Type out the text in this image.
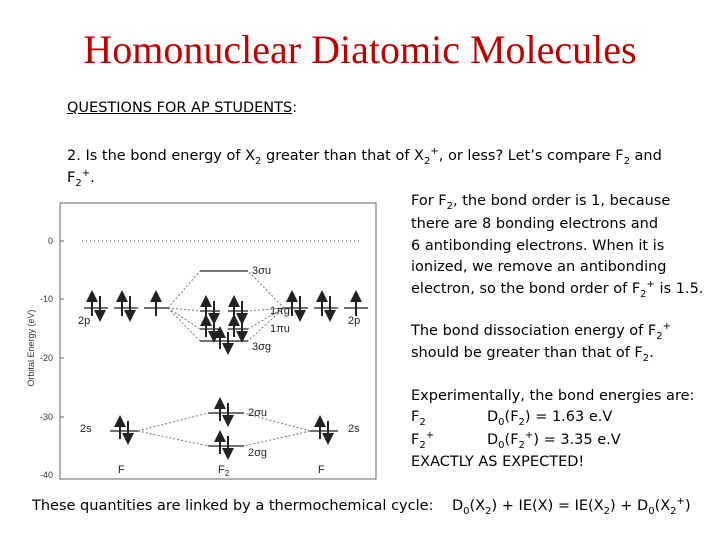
Homonuclear Diatomic Molecules
QUESTIONS FOR AP STUDENTS:
2. Is the bond energy of $X_2$ greater than that of $X_2^+$, or less? Let’s compare $F_2$ and
$F_2^+$.
For $F_2$, the bond order is 1, because
there are 8 bonding electrons and
6 antibonding electrons. When it is
ionized, we remove an antibonding
electron, so the bond order of $F_2^+$ is 1.5.
The bond dissociation energy of $F_2^+$
should be greater than that of $F_2$.
Experimentally, the bond energies are:
$F_2$	$D_0(F_2) = 1.63$ e.V
$F_2^+$	$D_0(F_2^+) = 3.35$ e.V
EXACTLY AS EXPECTED!
These quantities are linked by a thermochemical cycle: $D_0(X_2) + IE(X) = IE(X_2) + D_0(X_2^+)$
Orbital Energy (eV)
0
-10
-20
-30
-40
2p
2s
2p
2s
3σu
1πg
1πu
3σg
2σu
2σg
F	$F_2$	F
